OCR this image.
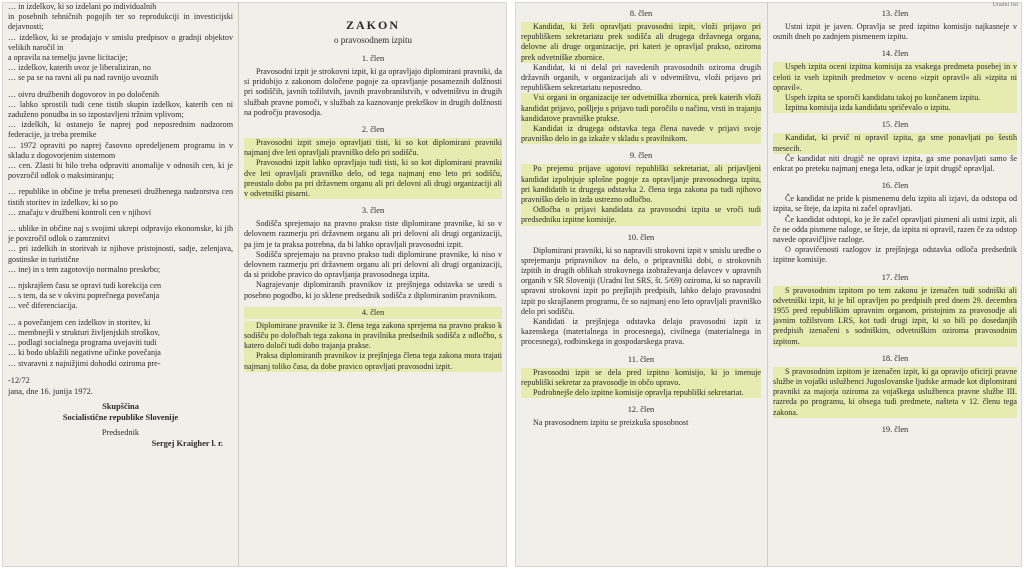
… in izdelkov, ki so izdelani po individualnih

in posebnih tehničnih pogojih ter so reprodukciji in investicijski dejavnosti;

… izdelkov, ki se prodajajo v smislu predpisov o gradnji objektov velikih naročil in

a opravila na temelju javne licitacije;

… izdelkov, katerih uvoz je liberaliziran, no

… se pa se na ravni ali pa nad ravnijo uvoznih

… oivru družbenih dogovorov in po določenih

… lahko sprostili tudi cene tistih skupin izdelkov, katerih cen ni zaduženo ponudba in so izpostavljeni tržnim vplivom;

… izdelkih, ki ostanejo še naprej pod neposrednim nadzorom federacije, ja treba premike

… 1972 opraviti po naprej časovno opredeljenem programu in v skladu z dogovorjenim sistemom

… cen. Zlasti bi bilo treba odpraviti anomalije v odnosih cen, ki je povzročil odlok o maksimiranju;

… republike in občine je treba preneseti družbenega nadzorstva cen tistih storitev in izdelkov, ki so po

… značaju v družbeni kontroli cen v njihovi

… ublike in občine naj s svojimi ukrepi odpravijo ekonomske, ki jih je povzročil odlok o zamrznitvi

… pri izdelkih in storitvah iz njihove pristojnosti, sadje, zelenjava, gostinske in turistične

… ine) in s tem zagotovijo normalno preskrbo;

… njskrajšem času se opravi tudi korekcija cen

… s tem, da se v okviru poprečnega povečanja

… več diferenciacija.

… a povečanjem cen izdelkov in storitev, ki

… membnejši v strukturi življenjskih stroškov,

… podlagi socialnega programa uvejaviti tudi

… ki bodo ublažili negativne učinke povečanja

… stvaravni z najnižjimi dohodki oziroma pre-

-12/72

jana, dne 16. junija 1972.

Skupščina

Socialistične republike Slovenije

Predsednik

Sergej Kraigher l. r.

ZAKON

o pravosodnem izpitu

1. člen

Pravosodni izpit je strokovni izpit, ki ga opravljajo diplomirani pravniki, da si pridobijo z zakonom določene pogoje za opravljanje posameznih dolžnosti pri sodiščih, javnih tožilstvih, javnih pravobranilstvih, v odvetništvu in drugih službah pravne pomoči, v službah za kaznovanje prekrškov in drugih dolžnosti na področju pravosodja.

2. člen

Pravosodni izpit smejo opravljati tisti, ki so kot diplomirani pravniki najmanj dve leti opravljali pravniško delo pri sodišču.

Pravosodni izpit lahko opravljajo tudi tisti, ki so kot diplomirani pravniki dve leti opravljali pravniško delo, od tega najmanj eno leto pri sodišču, preostalo dobo pa pri državnem organu ali pri delovni ali drugi organizaciji ali v odvetniški pisarni.

3. člen

Sodišča sprejemajo na pravno prakso tiste diplomirane pravnike, ki so v delovnem razmerju pri državnem organu ali pri delovni ali drugi organizaciji, pa jim je ta praksa potrebna, da bi lahko opravljali pravosodni izpit.

Sodišča sprejemajo na pravno prakso tudi diplomirane pravnike, ki niso v delovnem razmerju pri državnem organu ali pri delovni ali drugi organizaciji, da si pridobe pravico do opravljanja pravosodnega izpita.

Nagrajevanje diplomiranih pravnikov iz prejšnjega odstavka se uredi s posebno pogodbo, ki jo sklene predsednik sodišča z diplomiranim pravnikom.

4. člen

Diplomirane pravnike iz 3. člena tega zakona sprejema na pravno prakso k sodišču po določbah tega zakona in pravilnika predsednik sodišča z odločbo, s katero določi tudi dobo trajanja prakse.

Praksa diplomiranih pravnikov iz prejšnjega člena tega zakona mora trajati najmanj toliko časa, da dobe pravico opravljati pravosodni izpit.

Uradni list

8. člen

Kandidat, ki želi opravljati pravosodni izpit, vloži prijavo pri republiškem sekretariatu prek sodišča ali drugega državnega organa, delovne ali druge organizacije, pri kateri je opravljal prakso, oziroma prek odvetniške zbornice.

Kandidat, ki ni delal pri navedenih pravosodnih oziroma drugih državnih organih, v organizacijah ali v odvetništvu, vloži prijavo pri republiškem sekretariatu neposredno.

Vsi organi in organizacije ter odvetniška zbornica, prek katerih vloži kandidat prijavo, pošljejo s prijavo tudi poročilo o načinu, vrsti in trajanju kandidatove pravniške prakse.

Kandidat iz drugega odstavka tega člena navede v prijavi svoje pravniško delo in ga izkaže v skladu s pravilnikom.

9. člen

Po prejemu prijave ugotovi republiški sekretariat, ali prijavljeni kandidat izpolnjuje splošne pogoje za opravljanje pravosodnega izpita, pri kandidatih iz drugega odstavka 2. člena tega zakona pa tudi njihovo pravniško delo in izda ustrezno odločbo.

Odločba o prijavi kandidata za pravosodni izpita se vroči tudi predsedniku izpitne komisije.

10. člen

Diplomirani pravniki, ki so napravili strokovni izpit v smislu uredbe o sprejemanju pripravnikov na delo, o pripravniški dobi, o strokovnih izpitih in drugih oblikah strokovnega izobraževanja delavcev v upravnih organih v SR Sloveniji (Uradni list SRS, št. 5/69) oziroma, ki so napravili upravni strokovni izpit po prejšnjih predpisih, lahko delajo pravosodni izpit po skrajšanem programu, če so najmanj eno leto opravljali pravniško delo pri sodišču.

Kandidati iz prejšnjega odstavka delajo pravosodni izpit iz kazenskega (materialnega in procesnega), civilnega (materialnega in procesnega), rodbinskega in gospodarskega prava.

11. člen

Pravosodni izpit se dela pred izpitno komisijo, ki jo imenuje republiški sekretar za pravosodje in občo upravo.

Podrobnejše delo izpitne komisije opravlja republiški sekretariat.

12. člen

Na pravosodnem izpitu se preizkuša sposobnost

13. člen

Ustni izpit je javen. Opravlja se pred izpitno komisijo najkasneje v osmih dneh po zadnjem pismenem izpitu.

14. člen

Uspeh izpita oceni izpitna komisija za vsakega predmeta posebej in v celoti iz vseh izpitnih predmetov v oceno »izpit opravil« ali »izpita ni opravil«.

Uspeh izpita se sporoči kandidatu takoj po končanem izpitu.

Izpitna komisija izda kandidatu spričevalo o izpitu.

15. člen

Kandidat, ki prvič ni opravil izpita, ga sme ponavljati po šestih mesecih.

Če kandidat niti drugič ne opravi izpita, ga sme ponavljati samo še enkrat po preteku najmanj enega leta, odkar je izpit drugič opravljal.

16. člen

Če kandidat ne pride k pismenemu delu izpita ali izjavi, da odstopa od izpita, se šteje, da izpita ni začel opravljati.

Če kandidat odstopi, ko je že začel opravljati pismeni ali ustni izpit, ali če ne odda pismene naloge, se šteje, da izpita ni opravil, razen če za odstop navede opravičljive razloge.

O opravičenosti razlogov iz prejšnjega odstavka odloča predsednik izpitne komisije.

17. člen

S pravosodnim izpitom po tem zakonu je izenačen tudi sodniški ali odvetniški izpit, ki je bil opravljen po predpisih pred dnem 29. decembra 1955 pred republiškim upravnim organom, pristojnim za pravosodje ali javnim tožilstvom LRS, kot tudi drugi izpit, ki so bili po dosedanjih predpisih izenačeni s sodniškim, odvetniškim oziroma pravosodnim izpitom.

18. člen

S pravosodnim izpitom je izenačen izpit, ki ga opravijo oficirji pravne službe in vojaški uslužbenci Jugoslovanske ljudske armade kot diplomirani pravniki za majorja oziroma za vojaškega uslužbenca pravne službe III. razreda po programu, ki obsega tudi predmete, našteta v 12. členu tega zakona.

19. člen
